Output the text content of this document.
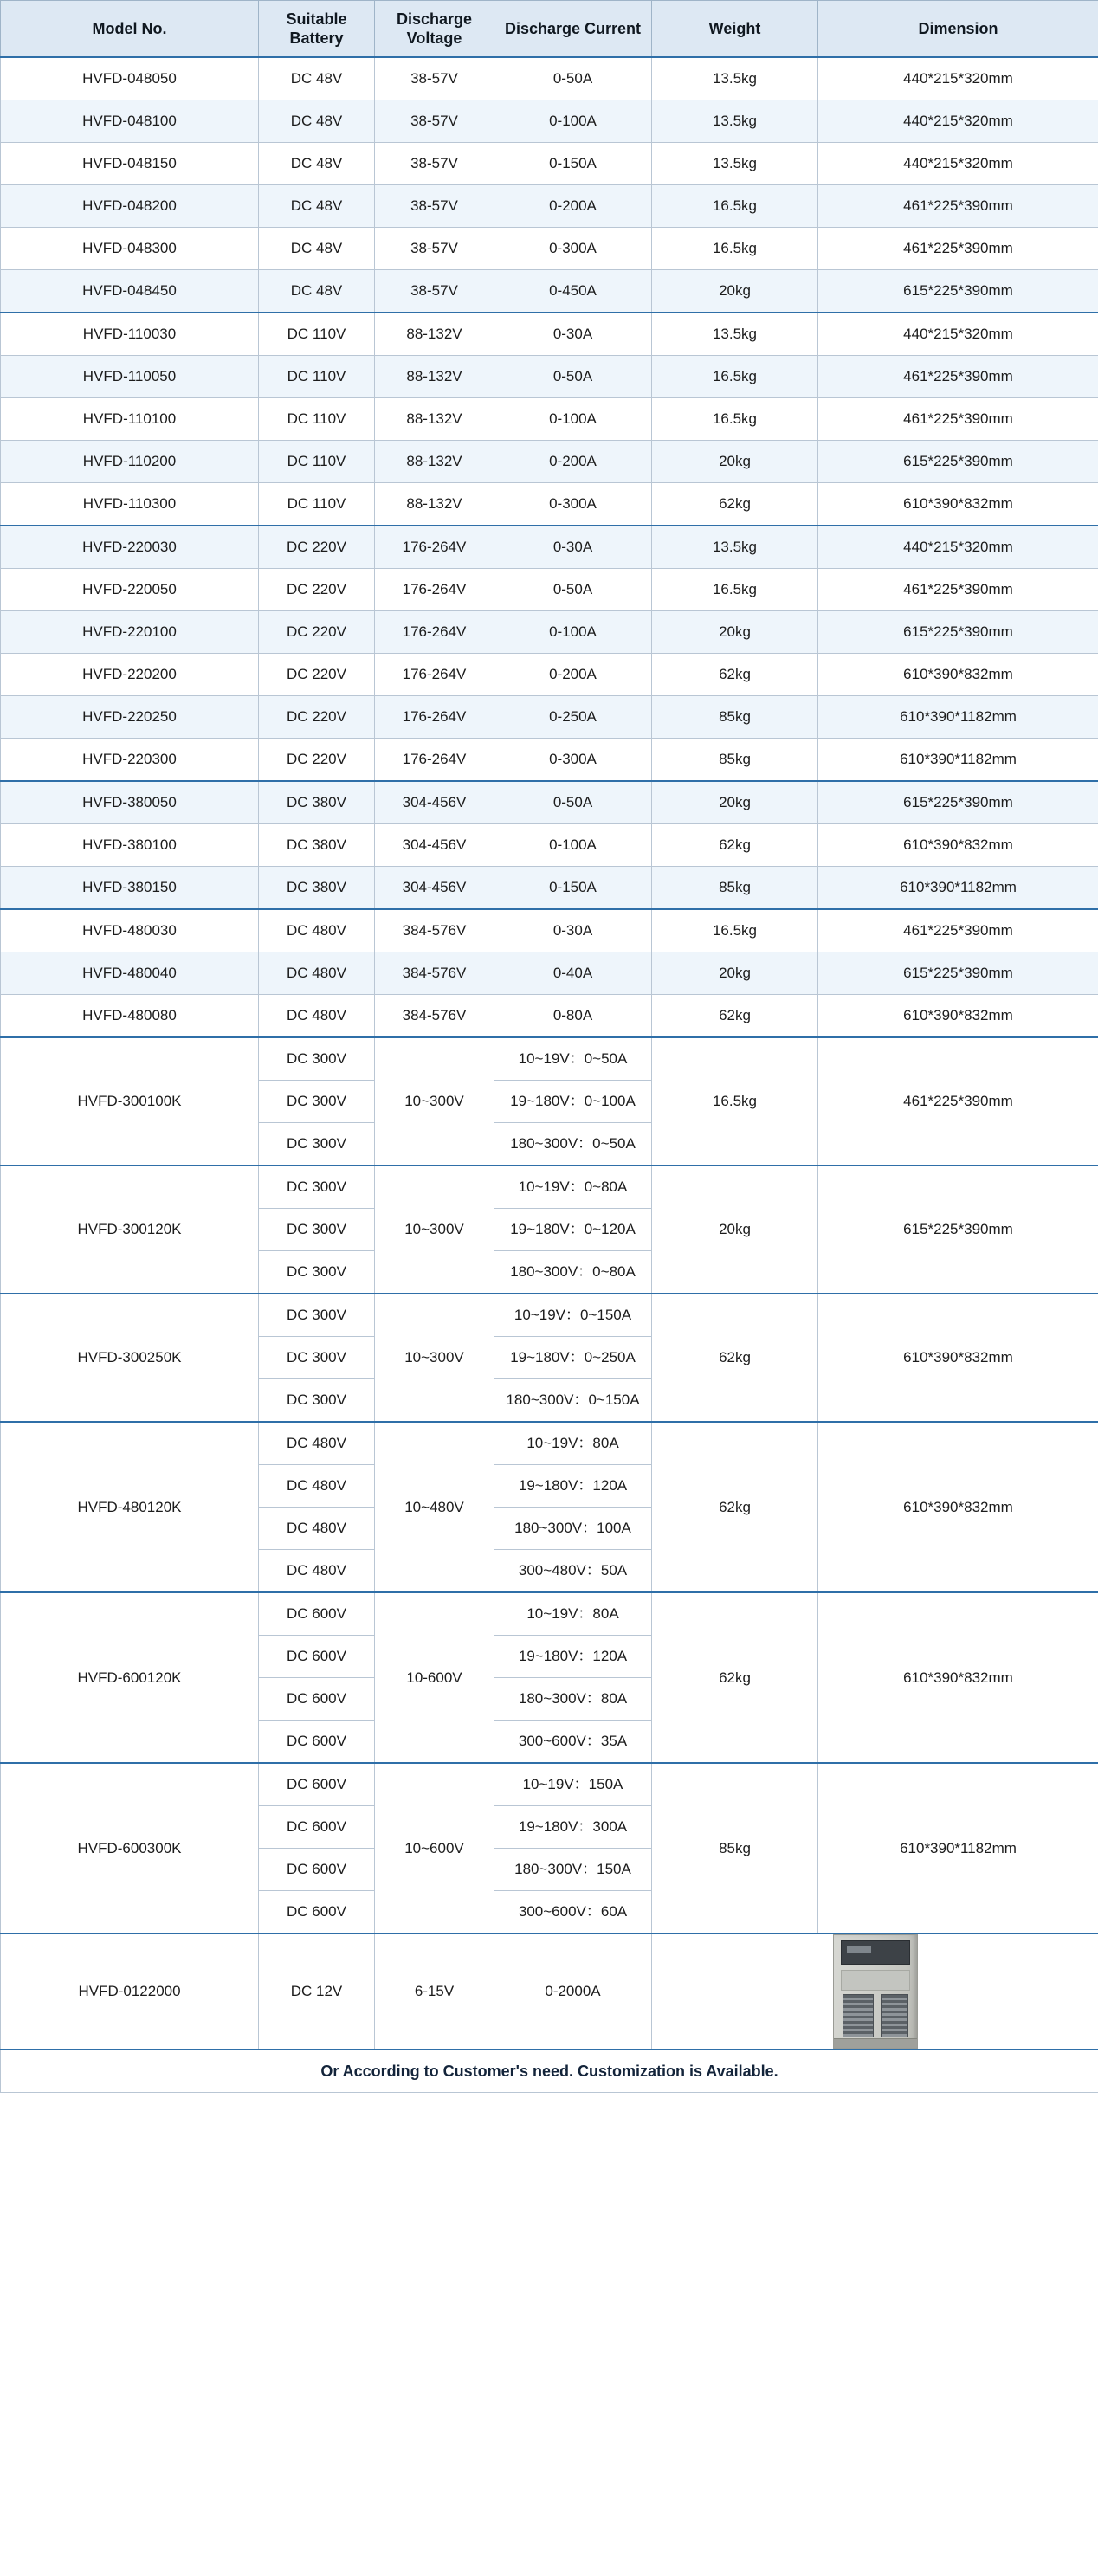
Model No.	Suitable Battery	Discharge Voltage	Discharge Current	Weight	Dimension
HVFD-048050	DC 48V	38-57V	0-50A	13.5kg	440*215*320mm
HVFD-048100	DC 48V	38-57V	0-100A	13.5kg	440*215*320mm
HVFD-048150	DC 48V	38-57V	0-150A	13.5kg	440*215*320mm
HVFD-048200	DC 48V	38-57V	0-200A	16.5kg	461*225*390mm
HVFD-048300	DC 48V	38-57V	0-300A	16.5kg	461*225*390mm
HVFD-048450	DC 48V	38-57V	0-450A	20kg	615*225*390mm
HVFD-110030	DC 110V	88-132V	0-30A	13.5kg	440*215*320mm
HVFD-110050	DC 110V	88-132V	0-50A	16.5kg	461*225*390mm
HVFD-110100	DC 110V	88-132V	0-100A	16.5kg	461*225*390mm
HVFD-110200	DC 110V	88-132V	0-200A	20kg	615*225*390mm
HVFD-110300	DC 110V	88-132V	0-300A	62kg	610*390*832mm
HVFD-220030	DC 220V	176-264V	0-30A	13.5kg	440*215*320mm
HVFD-220050	DC 220V	176-264V	0-50A	16.5kg	461*225*390mm
HVFD-220100	DC 220V	176-264V	0-100A	20kg	615*225*390mm
HVFD-220200	DC 220V	176-264V	0-200A	62kg	610*390*832mm
HVFD-220250	DC 220V	176-264V	0-250A	85kg	610*390*1182mm
HVFD-220300	DC 220V	176-264V	0-300A	85kg	610*390*1182mm
HVFD-380050	DC 380V	304-456V	0-50A	20kg	615*225*390mm
HVFD-380100	DC 380V	304-456V	0-100A	62kg	610*390*832mm
HVFD-380150	DC 380V	304-456V	0-150A	85kg	610*390*1182mm
HVFD-480030	DC 480V	384-576V	0-30A	16.5kg	461*225*390mm
HVFD-480040	DC 480V	384-576V	0-40A	20kg	615*225*390mm
HVFD-480080	DC 480V	384-576V	0-80A	62kg	610*390*832mm
HVFD-300100K	DC 300V	10~300V	10~19V：0~50A	16.5kg	461*225*390mm
	DC 300V		19~180V：0~100A		
	DC 300V		180~300V：0~50A		
HVFD-300120K	DC 300V	10~300V	10~19V：0~80A	20kg	615*225*390mm
	DC 300V		19~180V：0~120A		
	DC 300V		180~300V：0~80A		
HVFD-300250K	DC 300V	10~300V	10~19V：0~150A	62kg	610*390*832mm
	DC 300V		19~180V：0~250A		
	DC 300V		180~300V：0~150A		
HVFD-480120K	DC 480V	10~480V	10~19V：80A	62kg	610*390*832mm
	DC 480V		19~180V：120A		
	DC 480V		180~300V：100A		
	DC 480V		300~480V：50A		
HVFD-600120K	DC 600V	10-600V	10~19V：80A	62kg	610*390*832mm
	DC 600V		19~180V：120A		
	DC 600V		180~300V：80A		
	DC 600V		300~600V：35A		
HVFD-600300K	DC 600V	10~600V	10~19V：150A	85kg	610*390*1182mm
	DC 600V		19~180V：300A		
	DC 600V		180~300V：150A		
	DC 600V		300~600V：60A		
HVFD-0122000	DC 12V	6-15V	0-2000A		

Or According to Customer's need. Customization is Available.					
